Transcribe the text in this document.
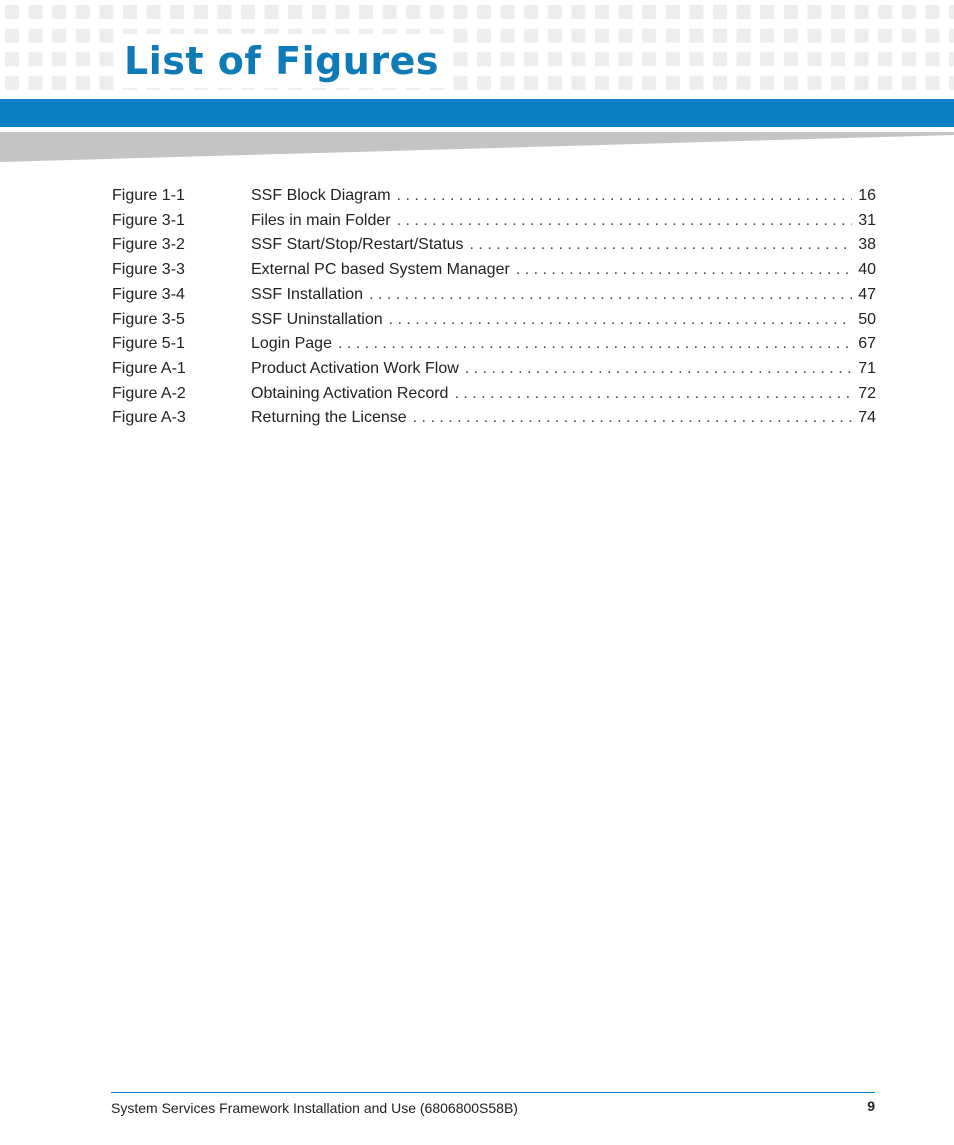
List of Figures
Figure 1-1	SSF Block Diagram . . .	16
Figure 3-1	Files in main Folder . . .	31
Figure 3-2	SSF Start/Stop/Restart/Status . . .	38
Figure 3-3	External PC based System Manager . . .	40
Figure 3-4	SSF Installation . . .	47
Figure 3-5	SSF Uninstallation . . .	50
Figure 5-1	Login Page . . .	67
Figure A-1	Product Activation Work Flow . . .	71
Figure A-2	Obtaining Activation Record . . .	72
Figure A-3	Returning the License . . .	74
System Services Framework Installation and Use (6806800S58B)	9
